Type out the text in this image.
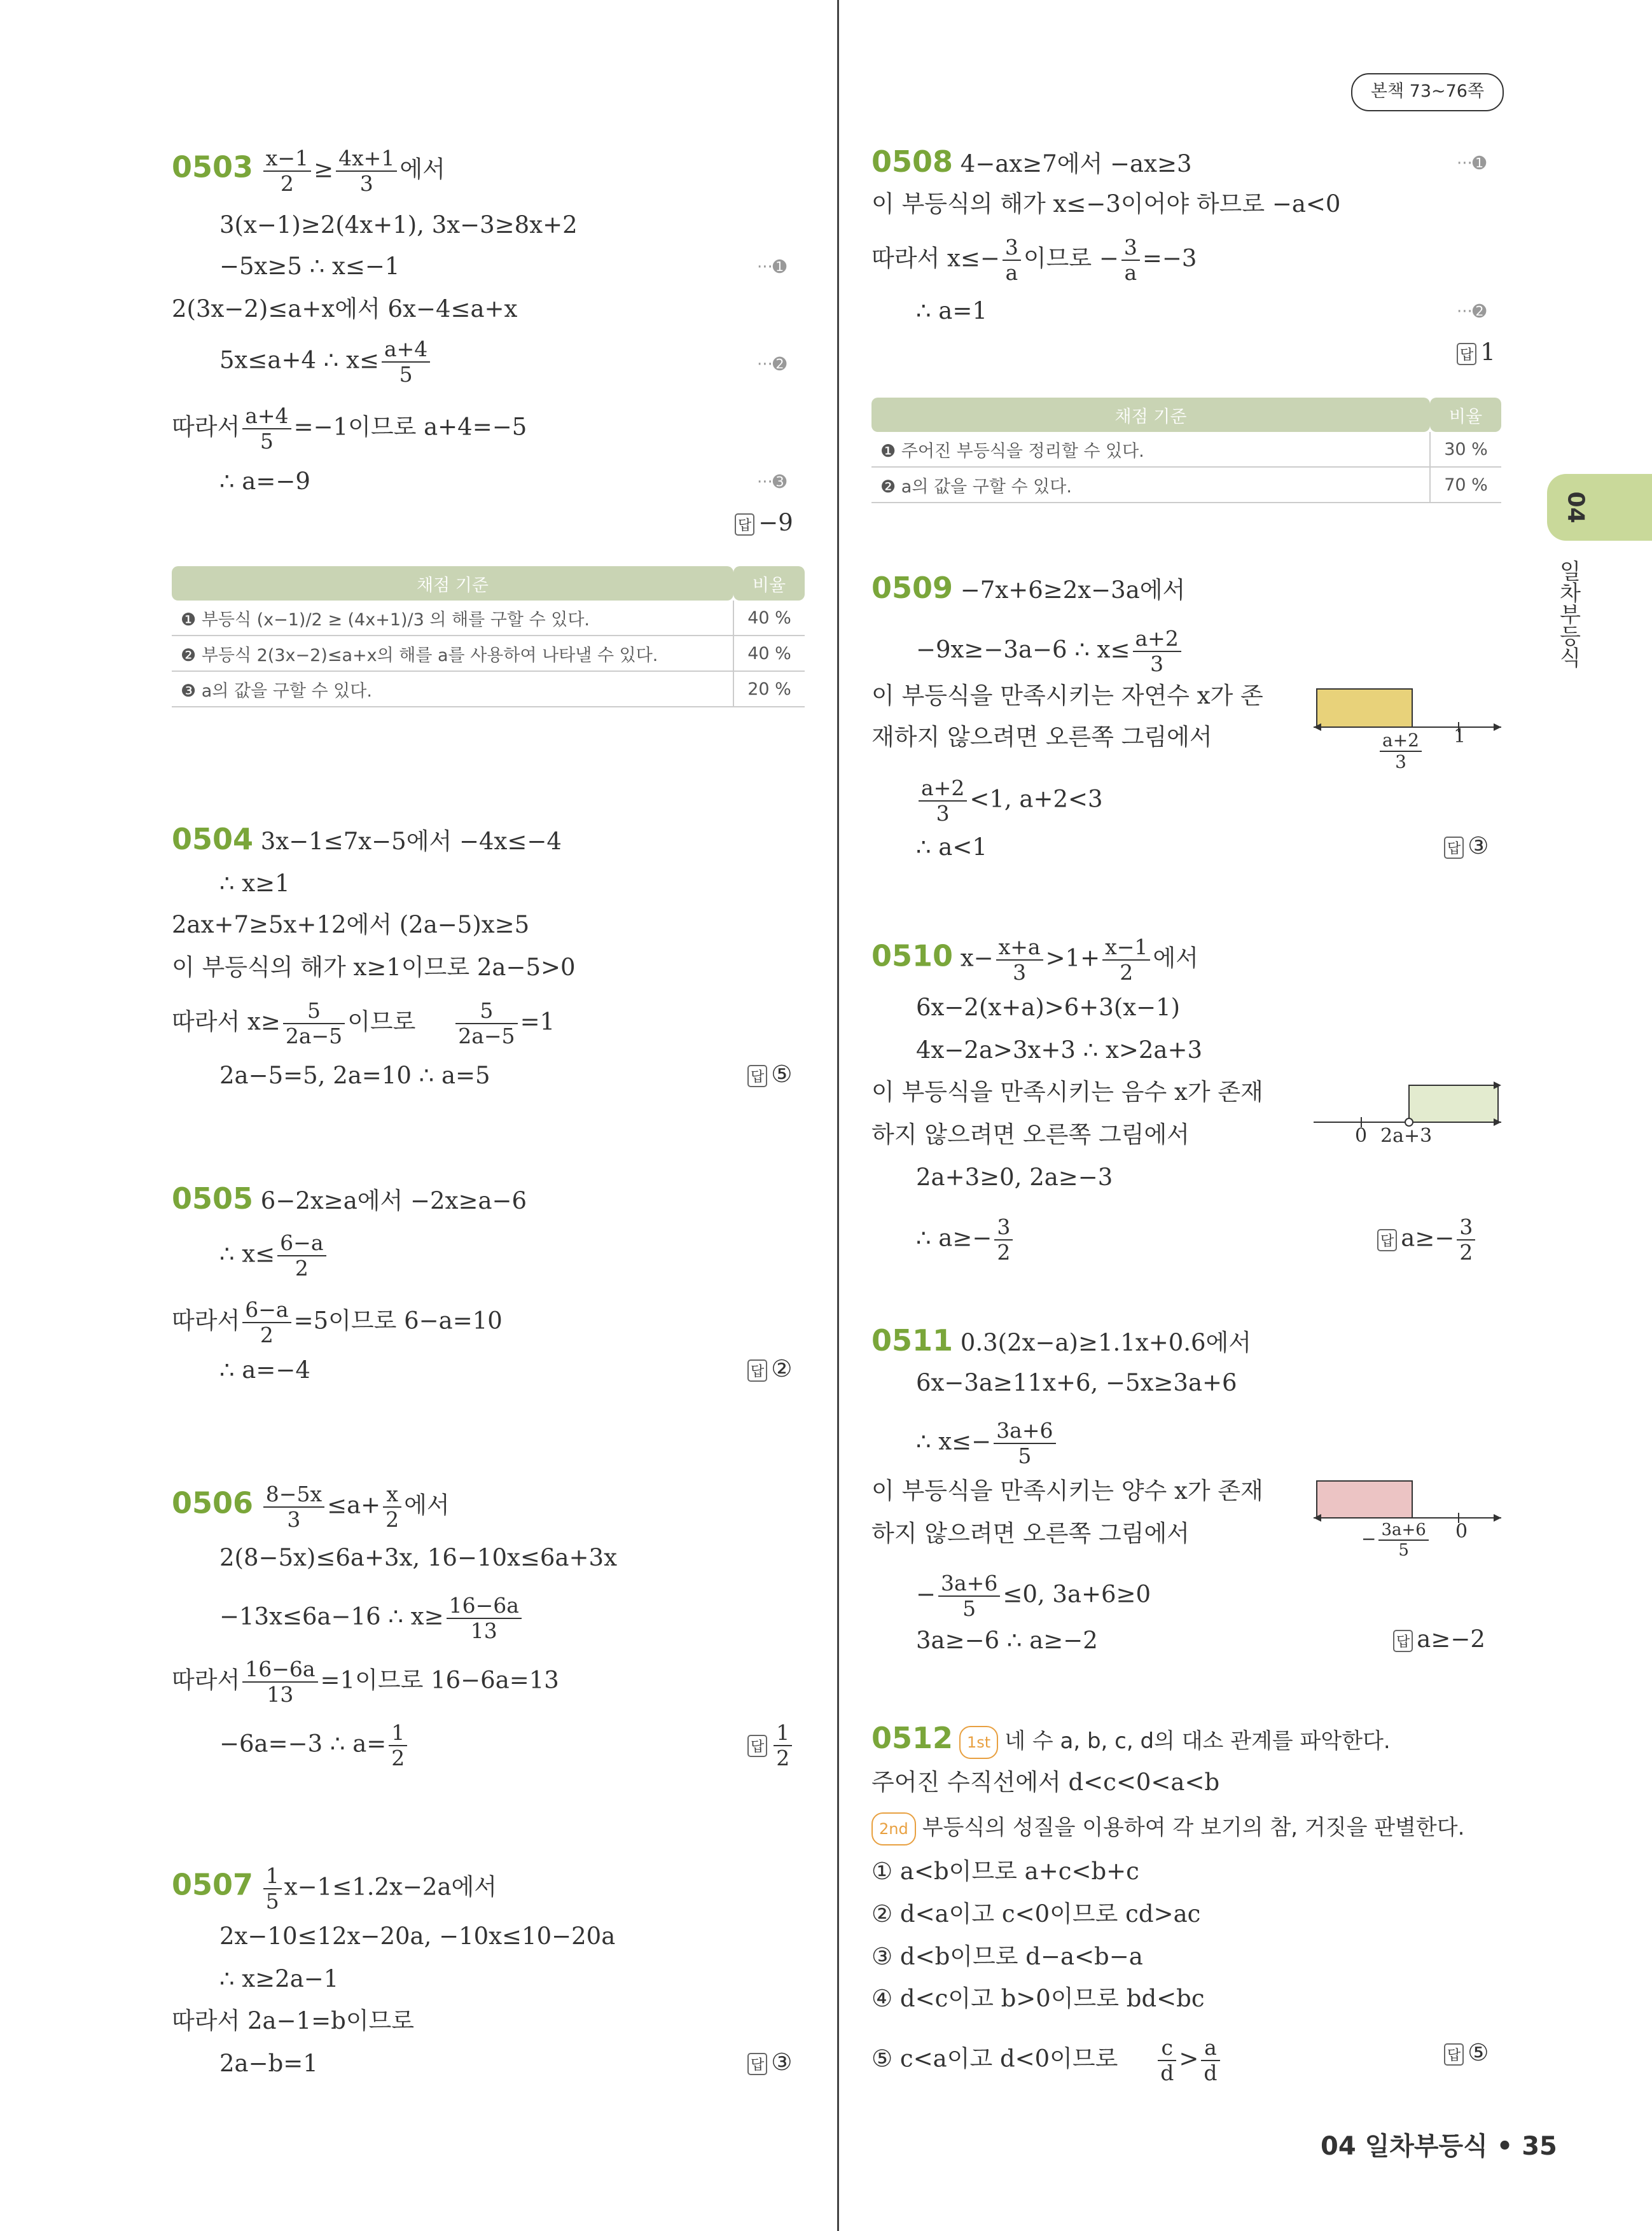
본책 73~76쪽
04
일차부등식
$0503 \frac{x-1}{2} \ge \frac{4x+1}{3}$ 에서
3(x−1)≥2(4x+1), 3x−3≥8x+2
−5x≥5 ∴ x≤−1	···➊
2(3x−2)≤a+x에서 6x−4≤a+x
5x≤a+4 ∴ $x\le \frac{a+4}{5}$	···➋
따라서 $\frac{a+4}{5} =-1$이므로 a+4=−5
∴ a=−9	···➌
답 −9
채점 기준	비율
❶ 부등식 (x−1)/2 ≥ (4x+1)/3 의 해를 구할 수 있다.	40 %
❷ 부등식 2(3x−2)≤a+x의 해를 a를 사용하여 나타낼 수 있다.	40 %
❸ a의 값을 구할 수 있다.	20 %
0504 3x−1≤7x−5에서 −4x≤−4
∴ x≥1
2ax+7≥5x+12에서 (2a−5)x≥5
이 부등식의 해가 x≥1이므로 2a−5>0
따라서 $x\ge \frac{5}{2a-5}$ 이므로 $\frac{5}{2a-5} =1$
2a−5=5, 2a=10 ∴ a=5	답 ⑤
0505 6−2x≥a에서 −2x≥a−6
∴ $x\le \frac{6-a}{2}$
따라서 $\frac{6-a}{2} =5$이므로 6−a=10
∴ a=−4	답 ②
$0506 \frac{8-5x}{3} \le a+ \frac{x}{2}$ 에서
2(8−5x)≤6a+3x, 16−10x≤6a+3x
−13x≤6a−16 ∴ $x\ge \frac{16-6a}{13}$
따라서 $\frac{16-6a}{13} =1$이므로 16−6a=13
−6a=−3 ∴ $a= \frac{1}{2}$	답 $\frac{1}{2}$
$0507 \frac{1}{5} x-1\le 1.2x-2a$에서
2x−10≤12x−20a, −10x≤10−20a
∴ x≥2a−1
따라서 2a−1=b이므로
2a−b=1	답 ③
0508 4−ax≥7에서 −ax≥3	···➊
이 부등식의 해가 x≤−3이어야 하므로 −a<0
따라서 $x\le- \frac{3}{a}$ 이므로 − $\frac{3}{a} =-3$
∴ a=1	···➋
답 1
채점 기준	비율
❶ 주어진 부등식을 정리할 수 있다.	30 %
❷ a의 값을 구할 수 있다.	70 %
0509 −7x+6≥2x−3a에서
−9x≥−3a−6 ∴ $x\le \frac{a+2}{3}$
이 부등식을 만족시키는 자연수 x가 존
재하지 않으려면 오른쪽 그림에서
$\frac{a+2}{3} <1$, a+2<3
∴ a<1	답 ③
$\frac{a+2}{3} 1$
0510 $x- \frac{x+a}{3} >1+ \frac{x-1}{2}$ 에서
6x−2(x+a)>6+3(x−1)
4x−2a>3x+3 ∴ x>2a+3
이 부등식을 만족시키는 음수 x가 존재
하지 않으려면 오른쪽 그림에서
2a+3≥0, 2a≥−3
∴ $a\ge- \frac{3}{2}$	답 $a\ge- \frac{3}{2}$
0 2a+3
0511 0.3(2x−a)≥1.1x+0.6에서
6x−3a≥11x+6, −5x≥3a+6
∴ $x\le- \frac{3a+6}{5}$
이 부등식을 만족시키는 양수 x가 존재
하지 않으려면 오른쪽 그림에서
− $\frac{3a+6}{5} \le 0$, 3a+6≥0
3a≥−6 ∴ a≥−2	답 a≥−2
− $\frac{3a+6}{5} 0$
0512 1st 네 수 a, b, c, d의 대소 관계를 파악한다.
주어진 수직선에서 d<c<0<a<b
2nd 부등식의 성질을 이용하여 각 보기의 참, 거짓을 판별한다.
① a<b이므로 a+c<b+c
② d<a이고 c<0이므로 cd>ac
③ d<b이므로 d−a<b−a
④ d<c이고 b>0이므로 bd<bc
⑤ c<a이고 d<0이므로 $\frac{c}{d} > \frac{a}{d}$	답 ⑤
04 일차부등식 • 35
